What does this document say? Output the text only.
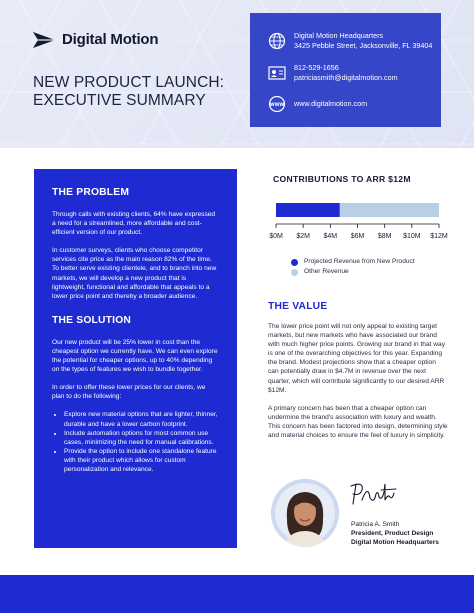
Digital Motion
NEW PRODUCT LAUNCH:
EXECUTIVE SUMMARY
Digital Motion Headquarters
3425 Pebble Street, Jacksonville, FL 39404
812-529-1656
patriciasmith@digitalmotion.com
WWW www.digitalmotion.com
THE PROBLEM

Through calls with existing clients, 64% have expressed a need for a streamlined, more affordable and cost-efficient version of our product.

In customer surveys, clients who choose competitor services cite price as the main reason 82% of the time. To better serve existing clientele, and to branch into new markets, we will develop a new product that is lightweight, functional and affordable that appeals to a lower price point and thereby a broader audience.

THE SOLUTION

Our new product will be 25% lower in cost than the cheapest option we currently have. We can even explore the potential for cheaper options, up to 40% depending on the types of features we wish to bundle together.

In order to offer these lower prices for our clients, we plan to do the following:

• Explore new material options that are lighter, thinner, durable and have a lower carbon footprint.
• Include automation options for most common use cases, minimizing the need for manual calibrations.
• Provide the option to include one standalone feature with their product which allows for custom personalization and relevance.
CONTRIBUTIONS TO ARR $12M
$0M $2M $4M $6M $8M $10M $12M
Projected Revenue from New Product
Other Revenue
THE VALUE

The lower price point will not only appeal to existing target markets, but new markets who have associated our brand with much higher price points. Growing our brand in that way is one of the overarching objectives for this year. Expanding the brand. Modest projections show that a cheaper option can potentially draw in $4.7M in revenue over the next quarter, which will contribute significantly to our desired ARR $12M.

A primary concern has been that a cheaper option can undermine the brand's association with luxury and wealth. This concern has been factored into design, determining style and material choices to ensure the feel of luxury in simplicity.

Patricia A. Smith
President, Product Design
Digital Motion Headquarters
